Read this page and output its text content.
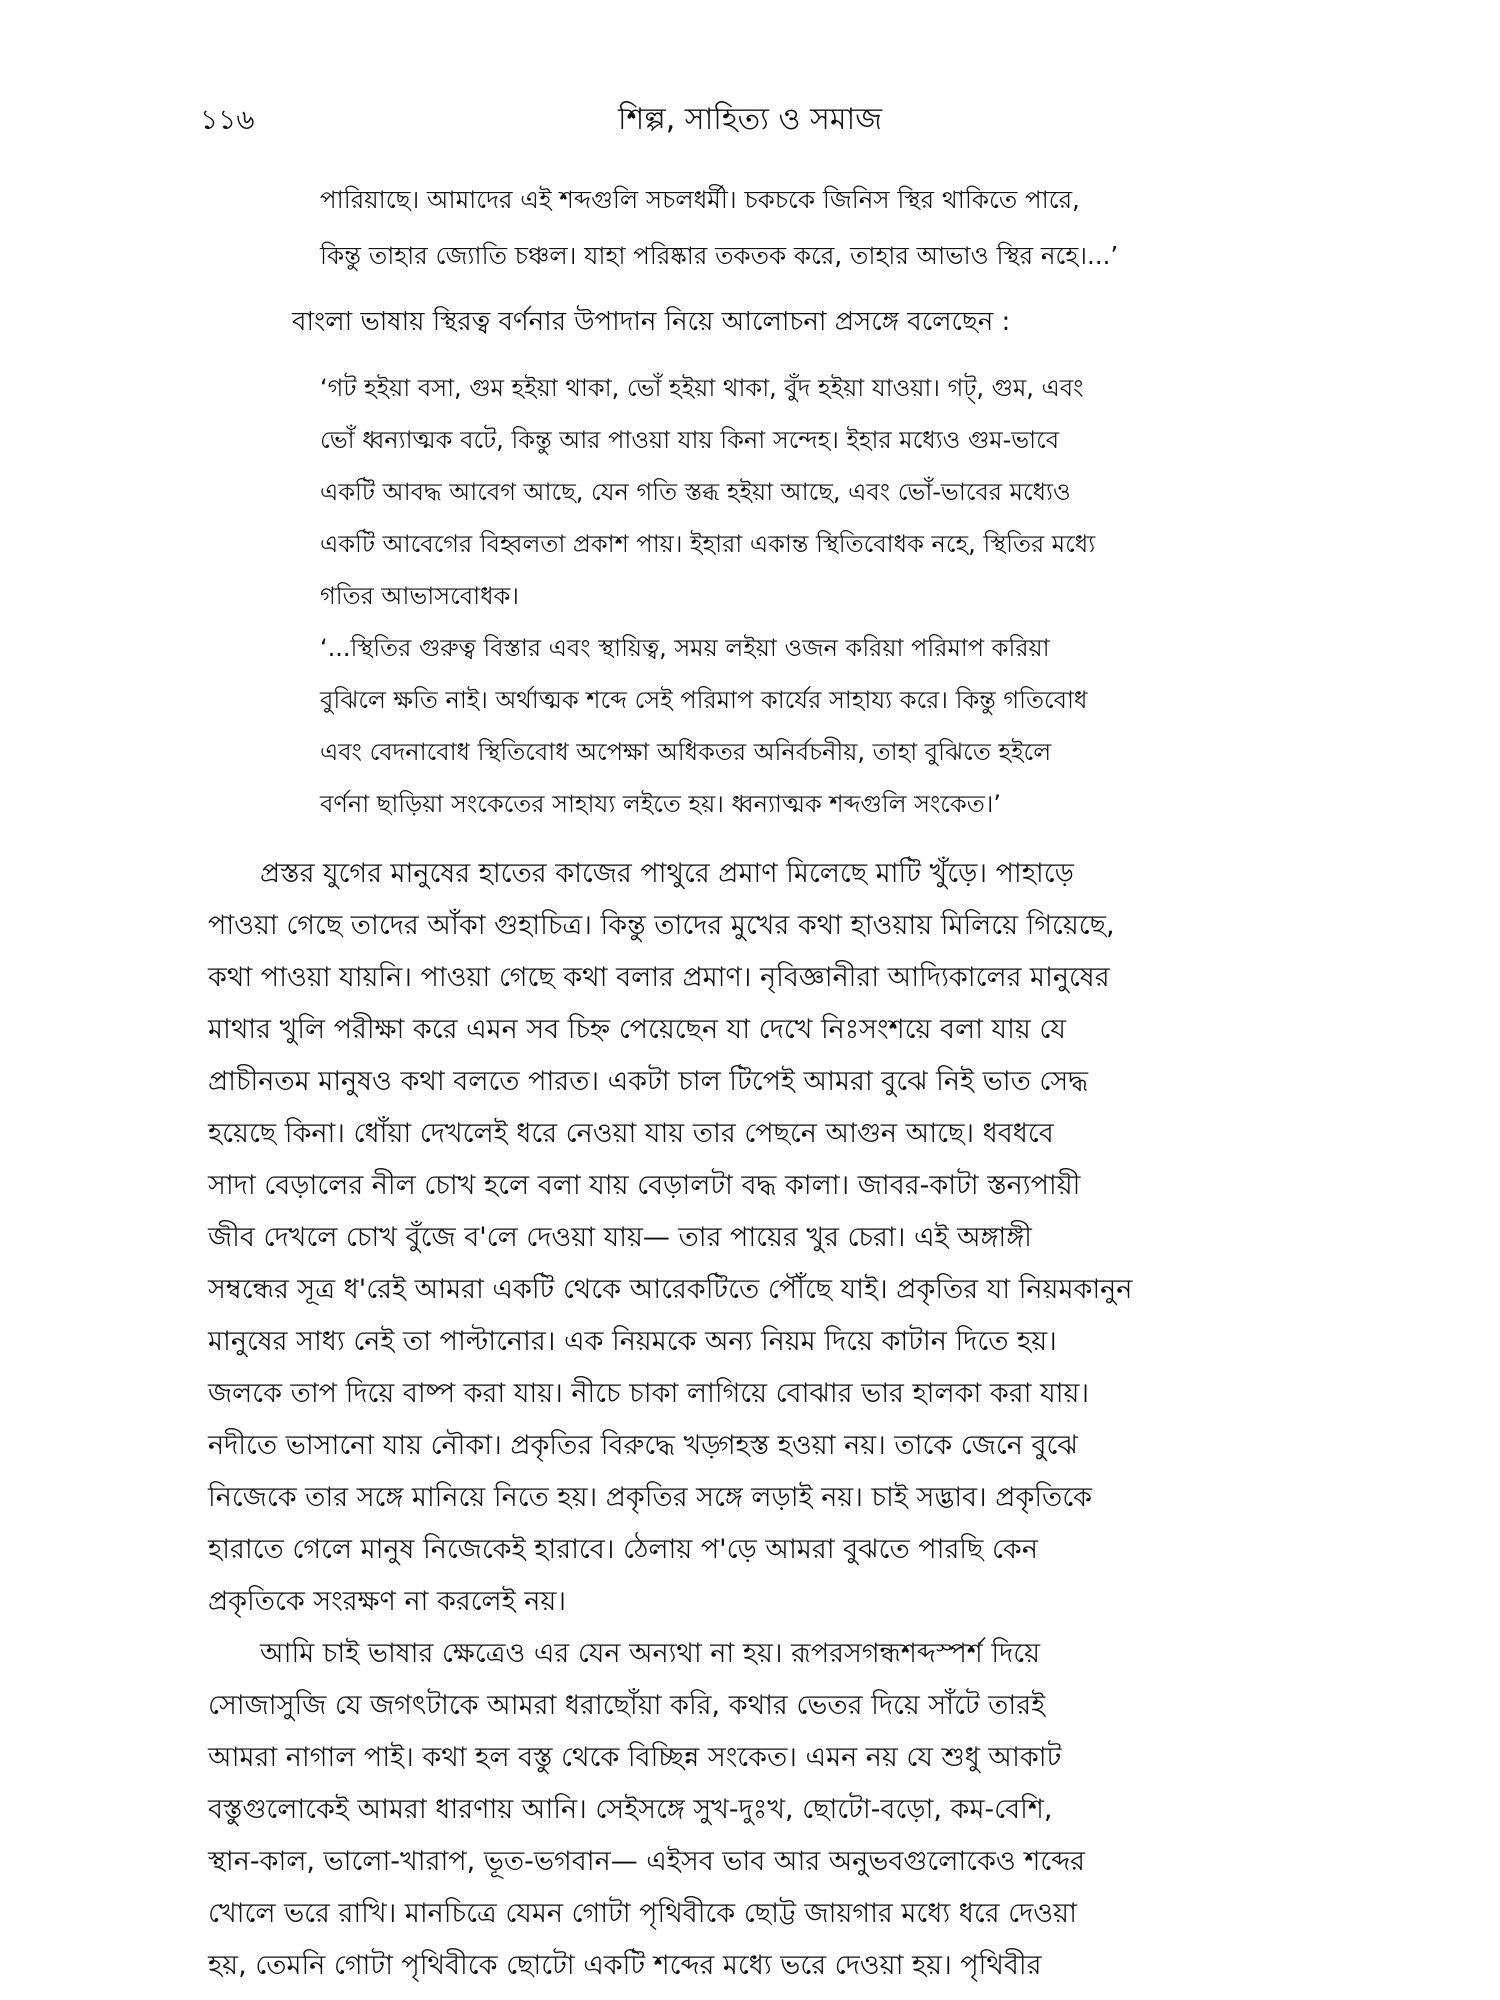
১১৬	শিল্প, সাহিত্য ও সমাজ
পারিয়াছে। আমাদের এই শব্দগুলি সচলধর্মী। চকচকে জিনিস স্থির থাকিতে পারে,
কিন্তু তাহার জ্যোতি চঞ্চল। যাহা পরিষ্কার তকতক করে, তাহার আভাও স্থির নহে।...’
বাংলা ভাষায় স্থিরত্ব বর্ণনার উপাদান নিয়ে আলোচনা প্রসঙ্গে বলেছেন :
‘গট হইয়া বসা, গুম হইয়া থাকা, ভোঁ হইয়া থাকা, বুঁদ হইয়া যাওয়া। গট্, গুম, এবং
ভোঁ ধ্বন্যাত্মক বটে, কিন্তু আর পাওয়া যায় কিনা সন্দেহ। ইহার মধ্যেও গুম-ভাবে
একটি আবদ্ধ আবেগ আছে, যেন গতি স্তব্ধ হইয়া আছে, এবং ভোঁ-ভাবের মধ্যেও
একটি আবেগের বিহ্বলতা প্রকাশ পায়। ইহারা একান্ত স্থিতিবোধক নহে, স্থিতির মধ্যে
গতির আভাসবোধক।
‘...স্থিতির গুরুত্ব বিস্তার এবং স্থায়িত্ব, সময় লইয়া ওজন করিয়া পরিমাপ করিয়া
বুঝিলে ক্ষতি নাই। অর্থাত্মক শব্দে সেই পরিমাপ কার্যের সাহায্য করে। কিন্তু গতিবোধ
এবং বেদনাবোধ স্থিতিবোধ অপেক্ষা অধিকতর অনির্বচনীয়, তাহা বুঝিতে হইলে
বর্ণনা ছাড়িয়া সংকেতের সাহায্য লইতে হয়। ধ্বন্যাত্মক শব্দগুলি সংকেত।’
প্রস্তর যুগের মানুষের হাতের কাজের পাথুরে প্রমাণ মিলেছে মাটি খুঁড়ে। পাহাড়ে
পাওয়া গেছে তাদের আঁকা গুহাচিত্র। কিন্তু তাদের মুখের কথা হাওয়ায় মিলিয়ে গিয়েছে,
কথা পাওয়া যায়নি। পাওয়া গেছে কথা বলার প্রমাণ। নৃবিজ্ঞানীরা আদ্যিকালের মানুষের
মাথার খুলি পরীক্ষা করে এমন সব চিহ্ন পেয়েছেন যা দেখে নিঃসংশয়ে বলা যায় যে
প্রাচীনতম মানুষও কথা বলতে পারত। একটা চাল টিপেই আমরা বুঝে নিই ভাত সেদ্ধ
হয়েছে কিনা। ধোঁয়া দেখলেই ধরে নেওয়া যায় তার পেছনে আগুন আছে। ধবধবে
সাদা বেড়ালের নীল চোখ হলে বলা যায় বেড়ালটা বদ্ধ কালা। জাবর-কাটা স্তন্যপায়ী
জীব দেখলে চোখ বুঁজে ব'লে দেওয়া যায়— তার পায়ের খুর চেরা। এই অঙ্গাঙ্গী
সম্বন্ধের সূত্র ধ'রেই আমরা একটি থেকে আরেকটিতে পৌঁছে যাই। প্রকৃতির যা নিয়মকানুন
মানুষের সাধ্য নেই তা পাল্টানোর। এক নিয়মকে অন্য নিয়ম দিয়ে কাটান দিতে হয়।
জলকে তাপ দিয়ে বাষ্প করা যায়। নীচে চাকা লাগিয়ে বোঝার ভার হালকা করা যায়।
নদীতে ভাসানো যায় নৌকা। প্রকৃতির বিরুদ্ধে খড়্গহস্ত হওয়া নয়। তাকে জেনে বুঝে
নিজেকে তার সঙ্গে মানিয়ে নিতে হয়। প্রকৃতির সঙ্গে লড়াই নয়। চাই সদ্ভাব। প্রকৃতিকে
হারাতে গেলে মানুষ নিজেকেই হারাবে। ঠেলায় প'ড়ে আমরা বুঝতে পারছি কেন
প্রকৃতিকে সংরক্ষণ না করলেই নয়।
আমি চাই ভাষার ক্ষেত্রেও এর যেন অন্যথা না হয়। রূপরসগন্ধশব্দস্পর্শ দিয়ে
সোজাসুজি যে জগৎটাকে আমরা ধরাছোঁয়া করি, কথার ভেতর দিয়ে সাঁটে তারই
আমরা নাগাল পাই। কথা হল বস্তু থেকে বিচ্ছিন্ন সংকেত। এমন নয় যে শুধু আকাট
বস্তুগুলোকেই আমরা ধারণায় আনি। সেইসঙ্গে সুখ-দুঃখ, ছোটো-বড়ো, কম-বেশি,
স্থান-কাল, ভালো-খারাপ, ভূত-ভগবান— এইসব ভাব আর অনুভবগুলোকেও শব্দের
খোলে ভরে রাখি। মানচিত্রে যেমন গোটা পৃথিবীকে ছোট্ট জায়গার মধ্যে ধরে দেওয়া
হয়, তেমনি গোটা পৃথিবীকে ছোটো একটি শব্দের মধ্যে ভরে দেওয়া হয়। পৃথিবীর
